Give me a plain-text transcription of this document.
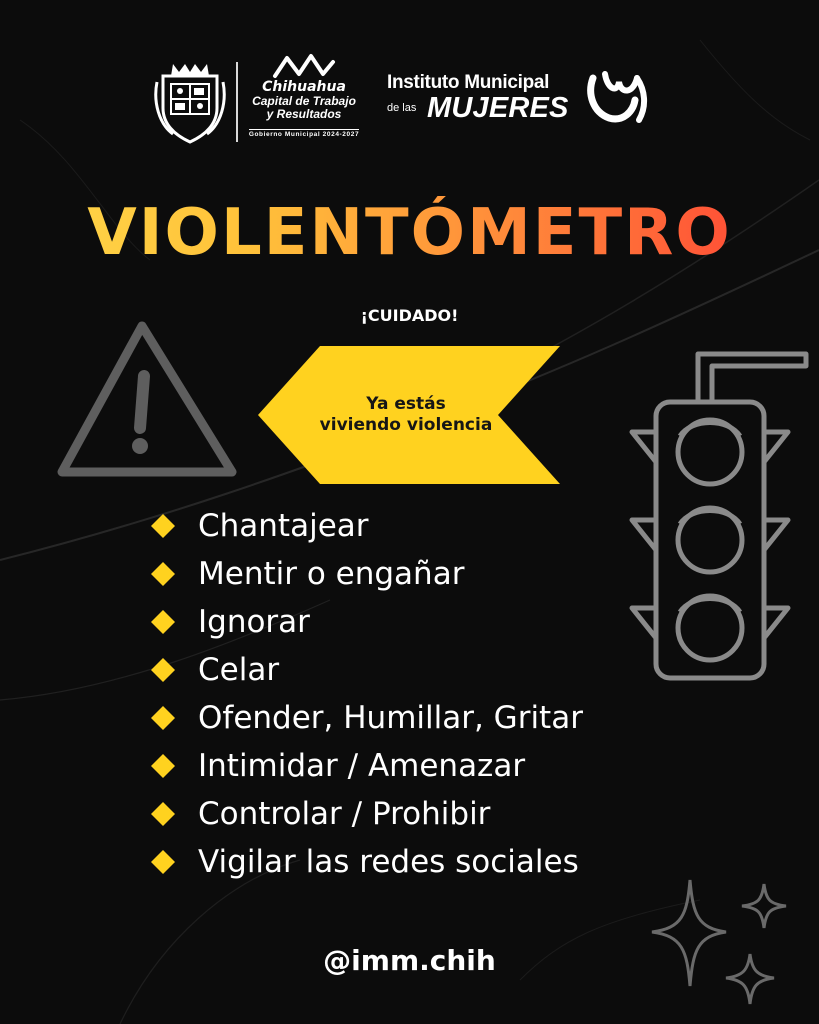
Chihuahua
Capital de Trabajo
y Resultados
Gobierno Municipal 2024-2027
Instituto Municipal
de las MUJERES
VIOLENTÓMETRO
¡CUIDADO!
Ya estás
viviendo violencia
Chantajear
Mentir o engañar
Ignorar
Celar
Ofender, Humillar, Gritar
Intimidar / Amenazar
Controlar / Prohibir
Vigilar las redes sociales
@imm.chih
